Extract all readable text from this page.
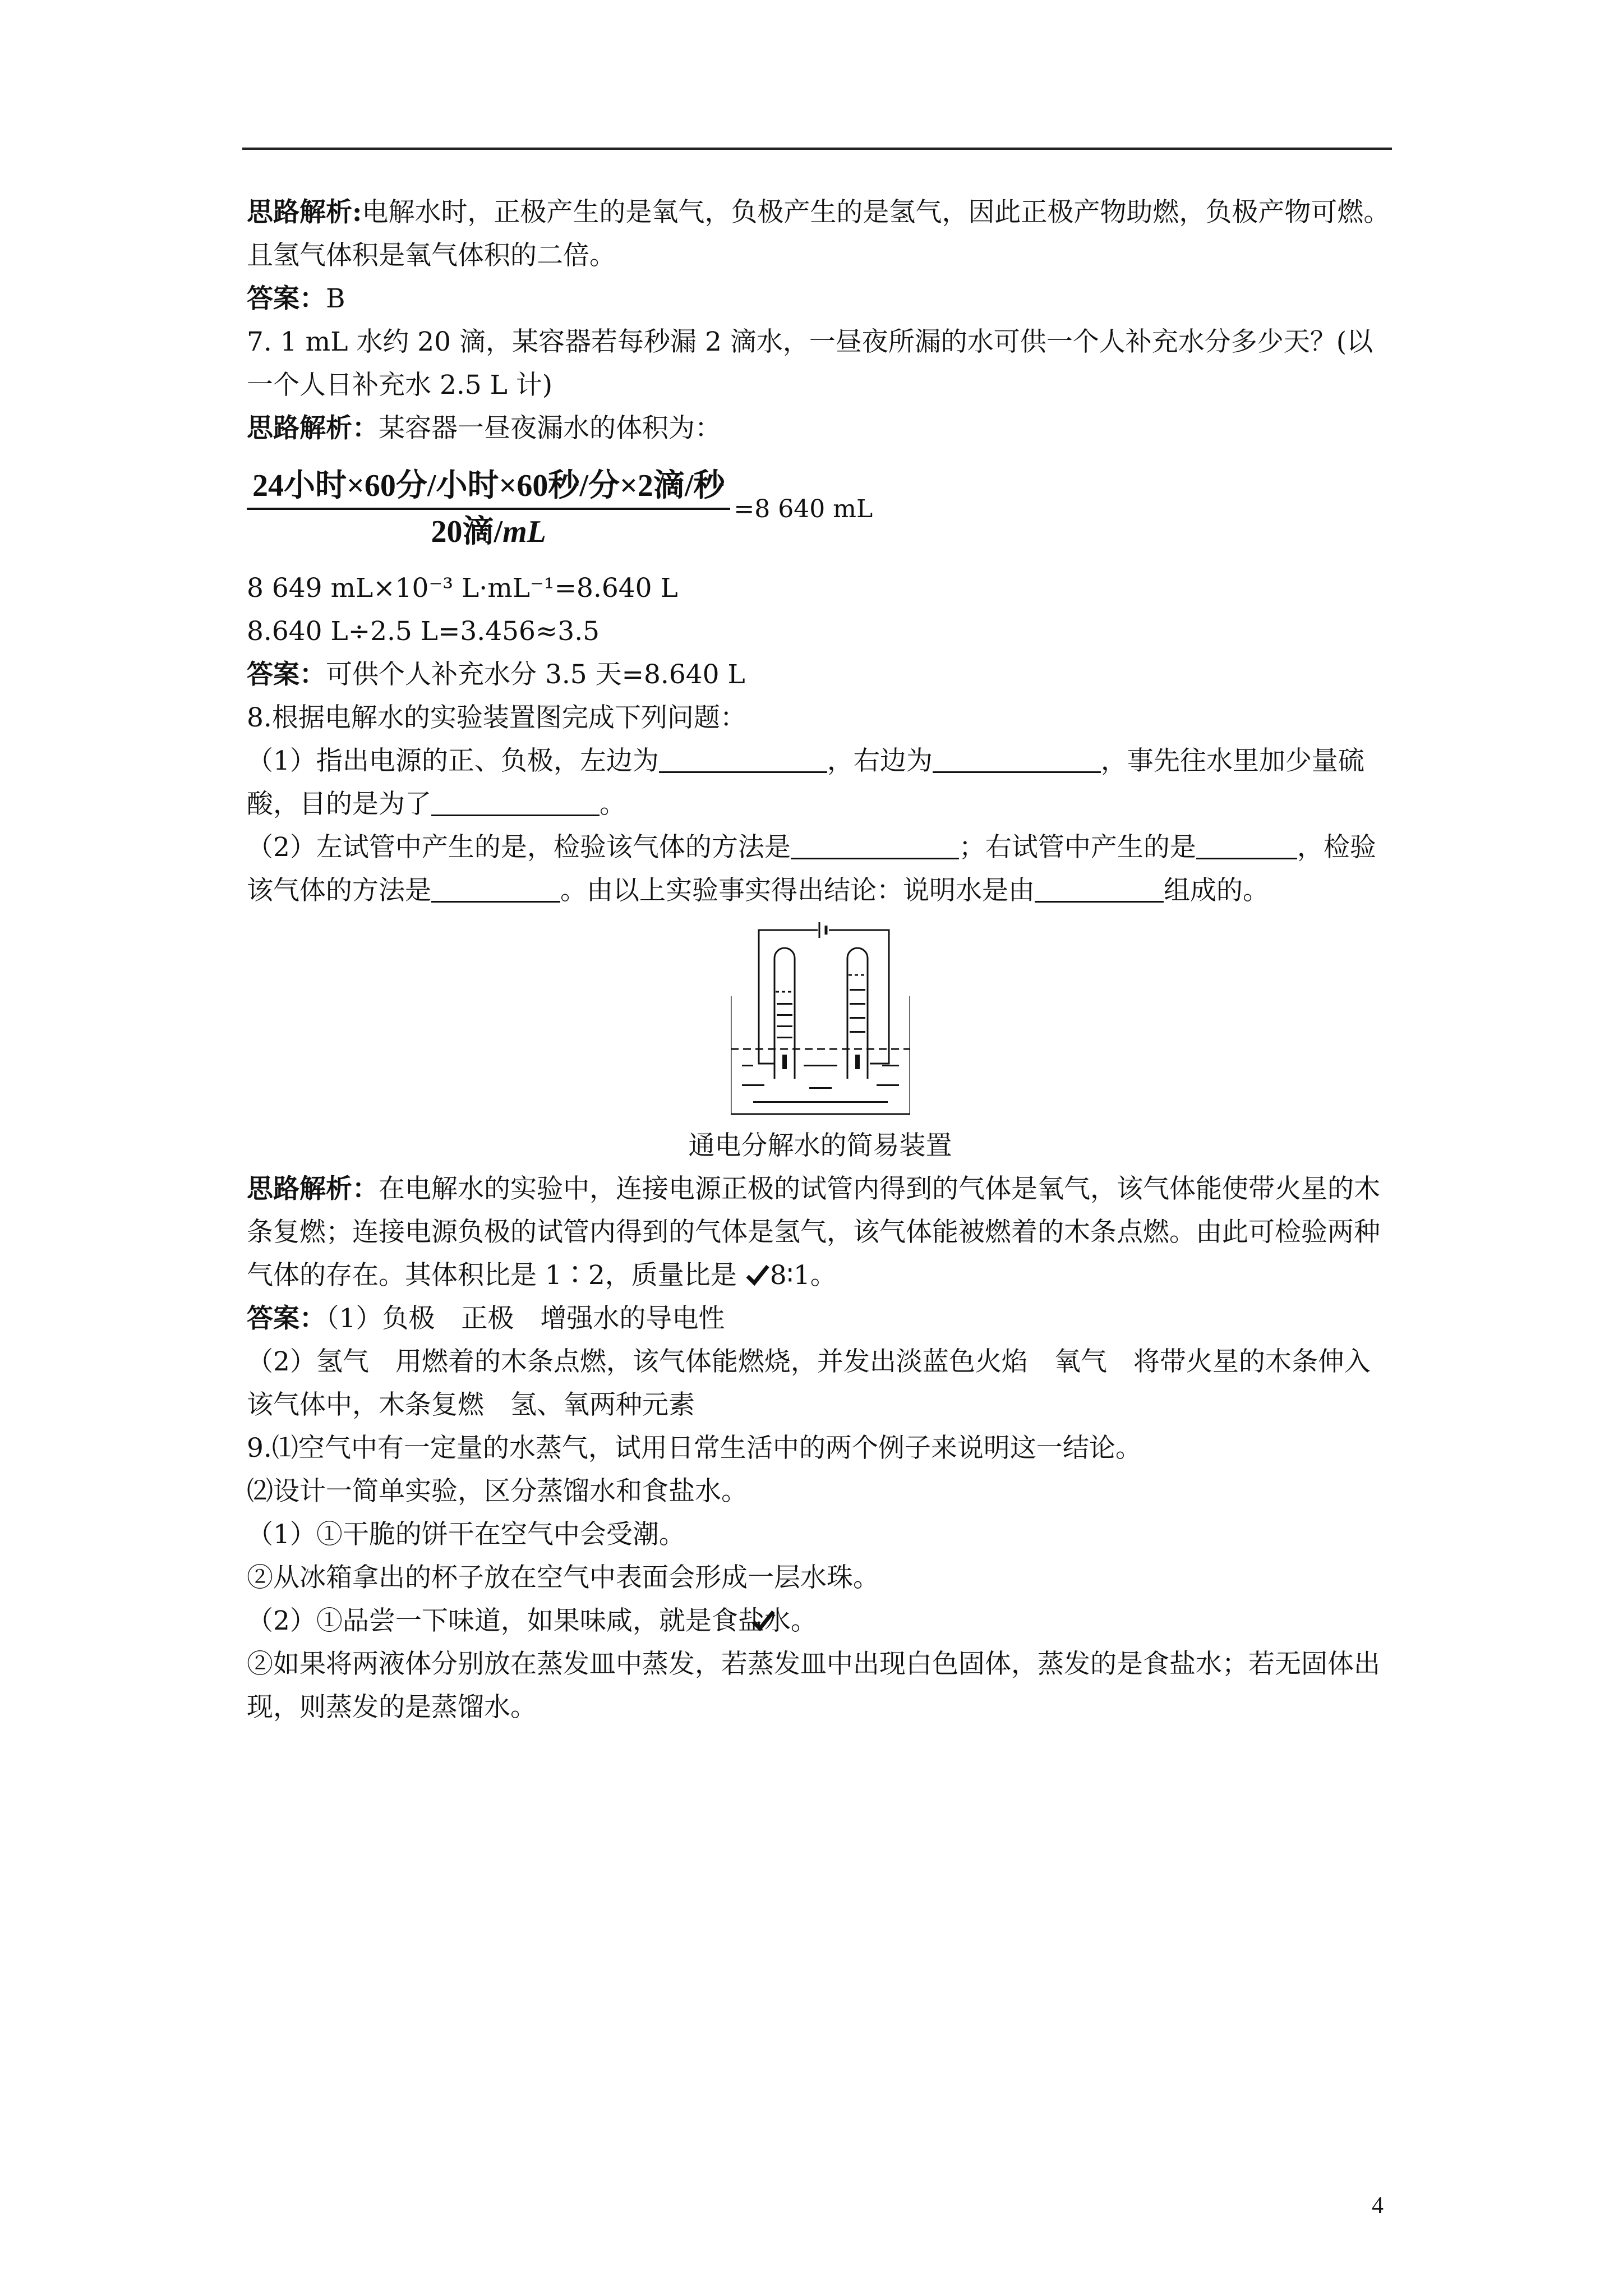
思路解析:电解水时，正极产生的是氧气，负极产生的是氢气，因此正极产物助燃，负极产物可燃。且氢气体积是氧气体积的二倍。

答案：B

7. 1 mL 水约 20 滴，某容器若每秒漏 2 滴水，一昼夜所漏的水可供一个人补充水分多少天？(以一个人日补充水 2.5 L 计)

思路解析：某容器一昼夜漏水的体积为：

$\frac{\text{24小时×60分/小时×60秒/分×2滴/秒}}{\text{20滴/mL}} =8$ 640 mL

8 649 mL×10⁻³ L·mL⁻¹=8.640 L

8.640 L÷2.5 L=3.456≈3.5

答案：可供个人补充水分 3.5 天=8.640 L

8.根据电解水的实验装置图完成下列问题：

（1）指出电源的正、负极，左边为	，右边为	，事先往水里加少量硫酸，目的是为了	。

（2）左试管中产生的是，检验该气体的方法是	；右试管中产生的是	，检验该气体的方法是	。由以上实验事实得出结论：说明水是由	组成的。

通电分解水的简易装置

思路解析：在电解水的实验中，连接电源正极的试管内得到的气体是氧气，该气体能使带火星的木条复燃；连接电源负极的试管内得到的气体是氢气，该气体能被燃着的木条点燃。由此可检验两种气体的存在。其体积比是 1∶2，质量比是 8∶1。

答案：（1）负极　正极　增强水的导电性

（2）氢气　用燃着的木条点燃，该气体能燃烧，并发出淡蓝色火焰　氧气　将带火星的木条伸入该气体中，木条复燃　氢、氧两种元素

9.⑴空气中有一定量的水蒸气，试用日常生活中的两个例子来说明这一结论。

⑵设计一简单实验，区分蒸馏水和食盐水。

（1）①干脆的饼干在空气中会受潮。

②从冰箱拿出的杯子放在空气中表面会形成一层水珠。

（2）①品尝一下味道，如果味咸，就是食盐水。

②如果将两液体分别放在蒸发皿中蒸发，若蒸发皿中出现白色固体，蒸发的是食盐水；若无固体出现，则蒸发的是蒸馏水。

4
